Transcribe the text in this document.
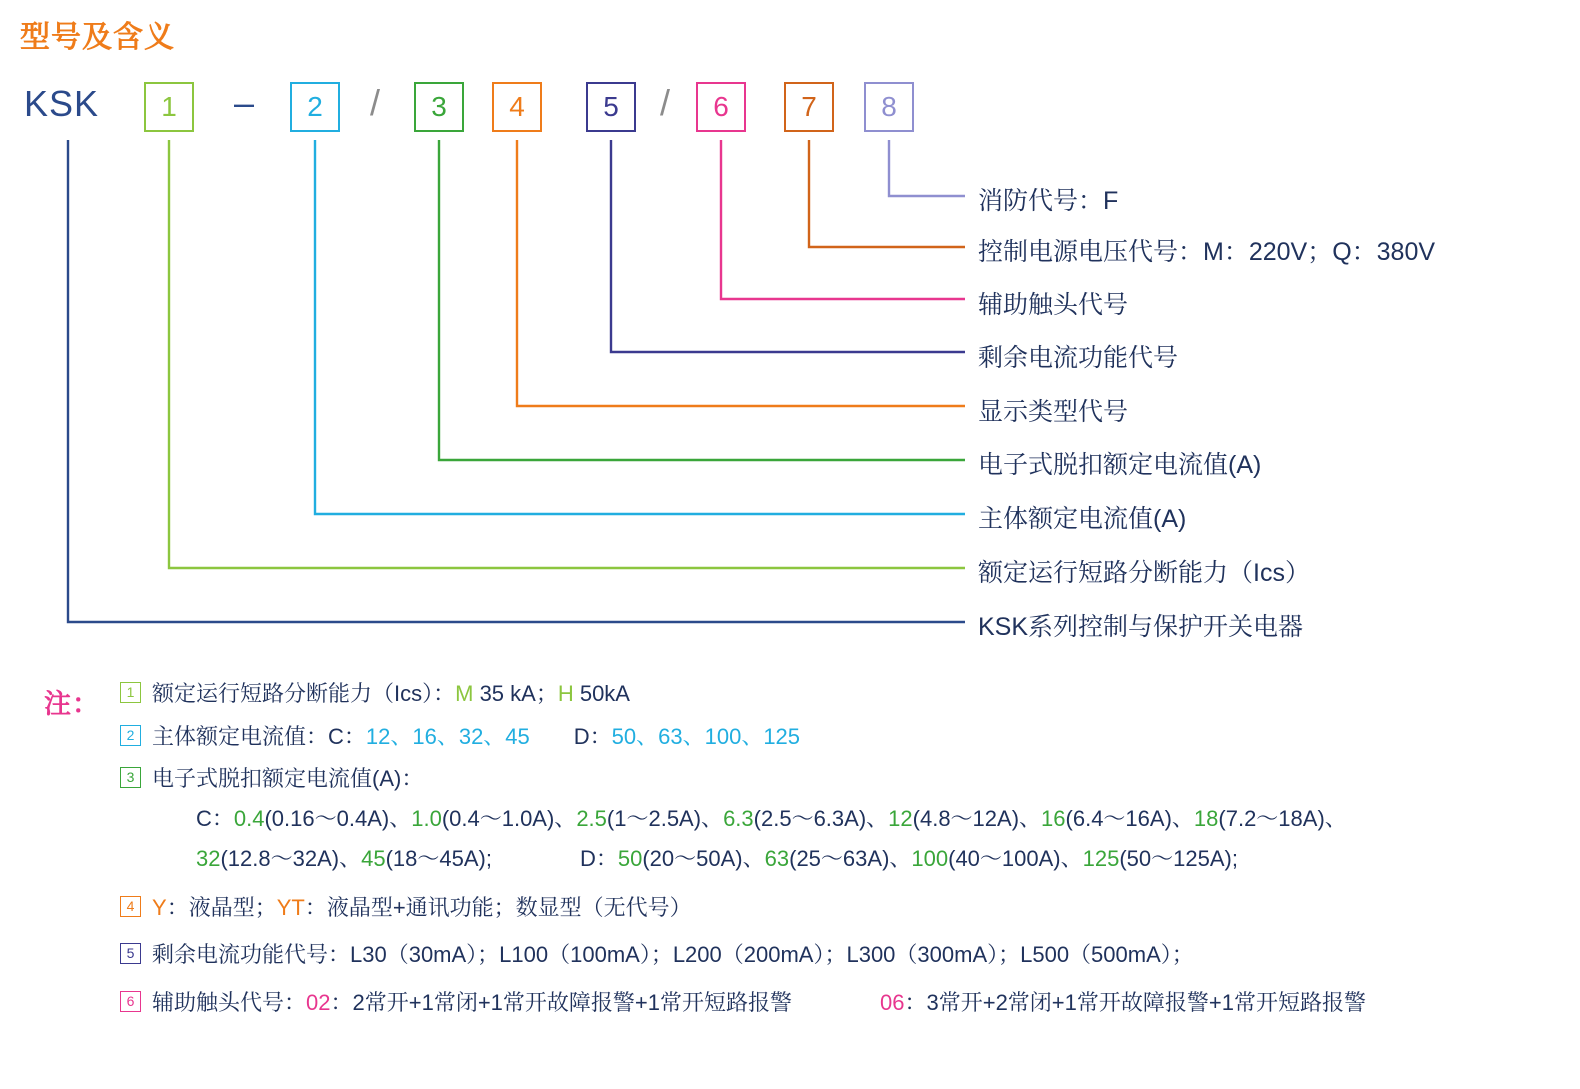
型号及含义
KSK	–	/	/
1	2	3	4	5	6	7	8
消防代号：F
控制电源电压代号：M：220V；Q：380V
辅助触头代号
剩余电流功能代号
显示类型代号
电子式脱扣额定电流值(A)
主体额定电流值(A)
额定运行短路分断能力（Ics）
KSK系列控制与保护开关电器
注：	1 额定运行短路分断能力（Ics）：M 35 kA；H 50kA
2 主体额定电流值：C：12、16、32、45 D：50、63、100、125
3 电子式脱扣额定电流值(A)：
C：0.4(0.16～0.4A)、1.0(0.4～1.0A)、2.5(1～2.5A)、6.3(2.5～6.3A)、12(4.8～12A)、16(6.4～16A)、18(7.2～18A)、
32(12.8～32A)、45(18～45A);	D：50(20～50A)、63(25～63A)、100(40～100A)、125(50～125A);
4 Y：液晶型；YT：液晶型+通讯功能；数显型（无代号）
5 剩余电流功能代号：L30（30mA）；L100（100mA）；L200（200mA）；L300（300mA）；L500（500mA）；
6 辅助触头代号：02：2常开+1常闭+1常开故障报警+1常开短路报警	06：3常开+2常闭+1常开故障报警+1常开短路报警
